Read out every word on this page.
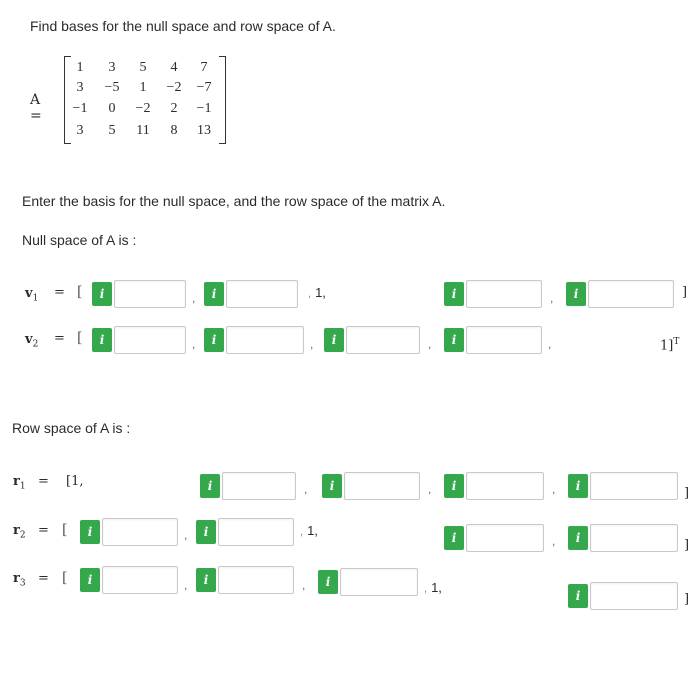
Find bases for the null space and row space of A.
A =
1	3	5	4	7
3	−5	1	−2	−7
−1	0	−2	2	−1
3	5	11	8	13
Enter the basis for the null space, and the row space of the matrix A.
Null space of A is :
$v_1$ = [	i	,	i	, 1,	i	,	i	]
$v_2$ = [	i	,	i	,	i	,	i	,	1]$^T$
Row space of A is :
$r_1 = [1$,	i	,	i	,	i	,	i	]
$r_2$ = [	i	,	i	, 1,	i	,	i	]
$r_3$ = [	i	,	i	,	i	, 1,
i	]
